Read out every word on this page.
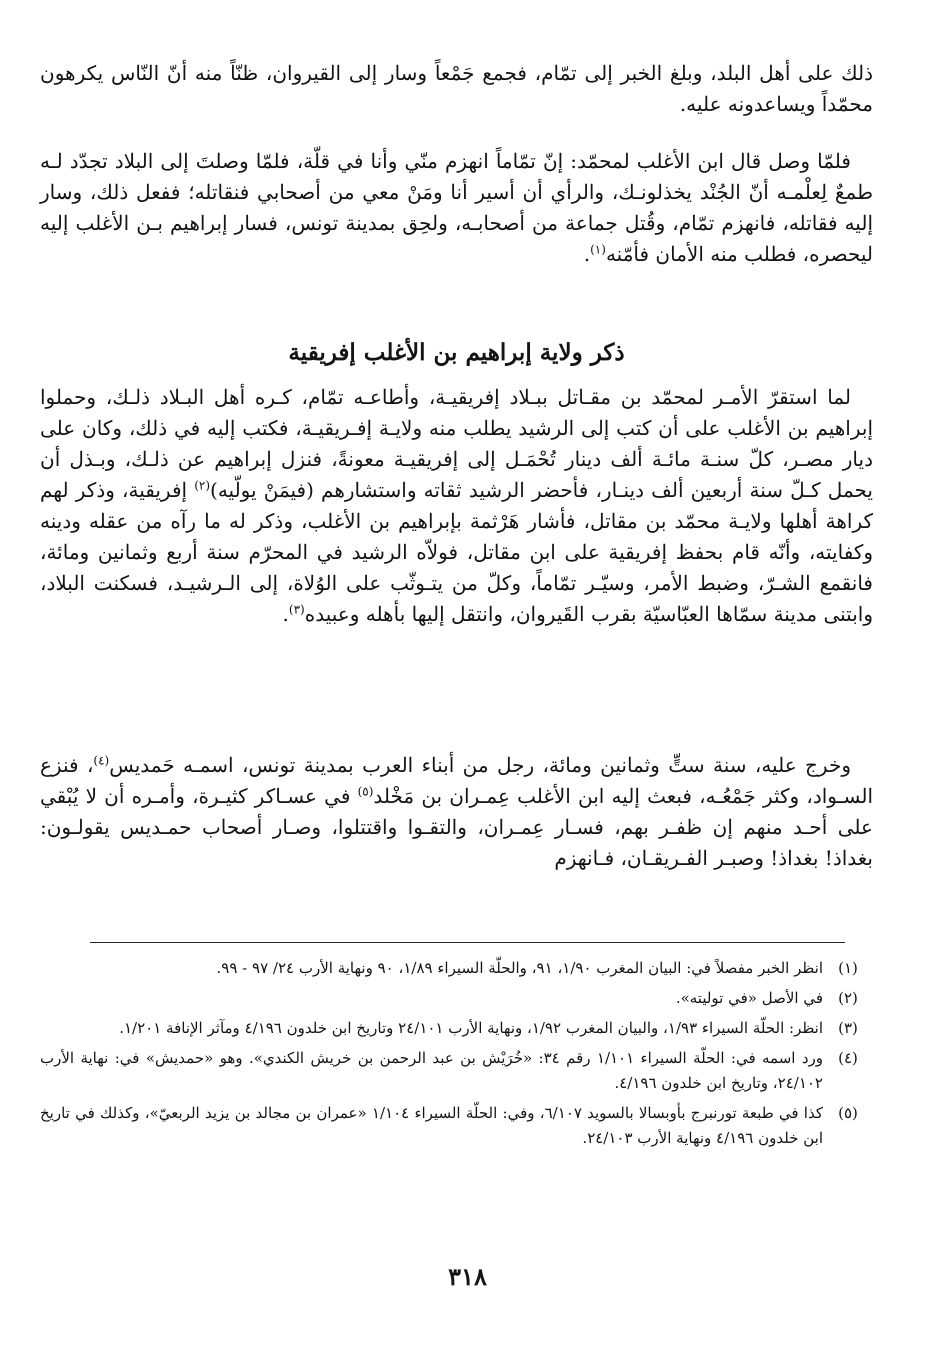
ذلك على أهل البلد، وبلغ الخبر إلى تمّام، فجمع جَمْعاً وسار إلى القيروان، ظنّاً منه أنّ النّاس يكرهون محمّداً ويساعدونه عليه.

فلمّا وصل قال ابن الأغلب لمحمّد: إنّ تمّاماً انهزم منّي وأنا في قلّة، فلمّا وصلتَ إلى البلاد تجدّد لـه طمعٌ لِعلْمـه أنّ الجُنْد يخذلونـك، والرأي أن أسير أنا ومَنْ معي من أصحابي فنقاتله؛ ففعل ذلك، وسار إليه فقاتله، فانهزم تمّام، وقُتل جماعة من أصحابـه، ولحِق بمدينة تونس، فسار إبراهيم بـن الأغلب إليه ليحصره، فطلب منه الأمان فأمّنه$^{(١)}$.

ذكر ولاية إبراهيم بن الأغلب إفريقية

لما استقرّ الأمـر لمحمّد بن مقـاتل ببـلاد إفريقيـة، وأطاعـه تمّام، كـره أهل البـلاد ذلـك، وحملوا إبراهيم بن الأغلب على أن كتب إلى الرشيد يطلب منه ولايـة إفـريقيـة، فكتب إليه في ذلك، وكان على ديار مصـر، كلّ سنـة مائـة ألف دينار تُحْمَـل إلى إفريقيـة معونةً، فنزل إبراهيم عن ذلـك، وبـذل أن يحمل كـلّ سنة أربعين ألف دينـار، فأحضر الرشيد ثقاته واستشارهم (فيمَنْ يولّيه)$^{(٢)}$ إفريقية، وذكر لهم كراهة أهلها ولايـة محمّد بن مقاتل، فأشار هَرْثمة بإبراهيم بن الأغلب، وذكر له ما رآه من عقله ودينه وكفايته، وأنّه قام بحفظ إفريقية على ابن مقاتل، فولاّه الرشيد في المحرّم سنة أربع وثمانين ومائة، فانقمع الشـرّ، وضبط الأمر، وسيّـر تمّاماً، وكلّ من يتـوثّب على الوُلاة، إلى الـرشيـد، فسكنت البلاد، وابتنى مدينة سمّاها العبّاسيّة بقرب القَيروان، وانتقل إليها بأهله وعبيده$^{(٣)}$.

وخرج عليه، سنة ستٍّ وثمانين ومائة، رجل من أبناء العرب بمدينة تونس، اسمـه حَمديس$^{(٤)}$، فنزع السـواد، وكثر جَمْعُـه، فبعث إليه ابن الأغلب عِمـران بن مَخْلد$^{(٥)}$ في عسـاكر كثيـرة، وأمـره أن لا يُبْقي على أحـد منهم إن ظفـر بهم، فسـار عِمـران، والتقـوا واقتتلوا، وصـار أصحاب حمـديس يقولـون: بغداذ! بغداذ! وصبـر الفـريقـان، فـانهزم

(١)
انظر الخبر مفصلاً في: البيان المغرب ١/٩٠، ٩١، والحلّة السيراء ١/٨٩، ٩٠ ونهاية الأرب ٢٤/ ٩٧ - ٩٩.
(٢)
في الأصل «في توليته».
(٣)
انظر: الحلّة السيراء ١/٩٣، والبيان المغرب ١/٩٢، ونهاية الأرب ٢٤/١٠١ وتاريخ ابن خلدون ٤/١٩٦ ومآثر الإنافة ١/٢٠١.
(٤)
ورد اسمه في: الحلّة السيراء ١/١٠١ رقم ٣٤: «خُرَيْش بن عبد الرحمن بن خريش الكندي». وهو «حمديش» في: نهاية الأرب ٢٤/١٠٢، وتاريخ ابن خلدون ٤/١٩٦.
(٥)
كذا في طبعة تورنبرج بأوبسالا بالسويد ٦/١٠٧، وفي: الحلّة السيراء ١/١٠٤ «عمران بن مجالد بن يزيد الربعيّ»، وكذلك في تاريخ ابن خلدون ٤/١٩٦ ونهاية الأرب ٢٤/١٠٣.
٣١٨
